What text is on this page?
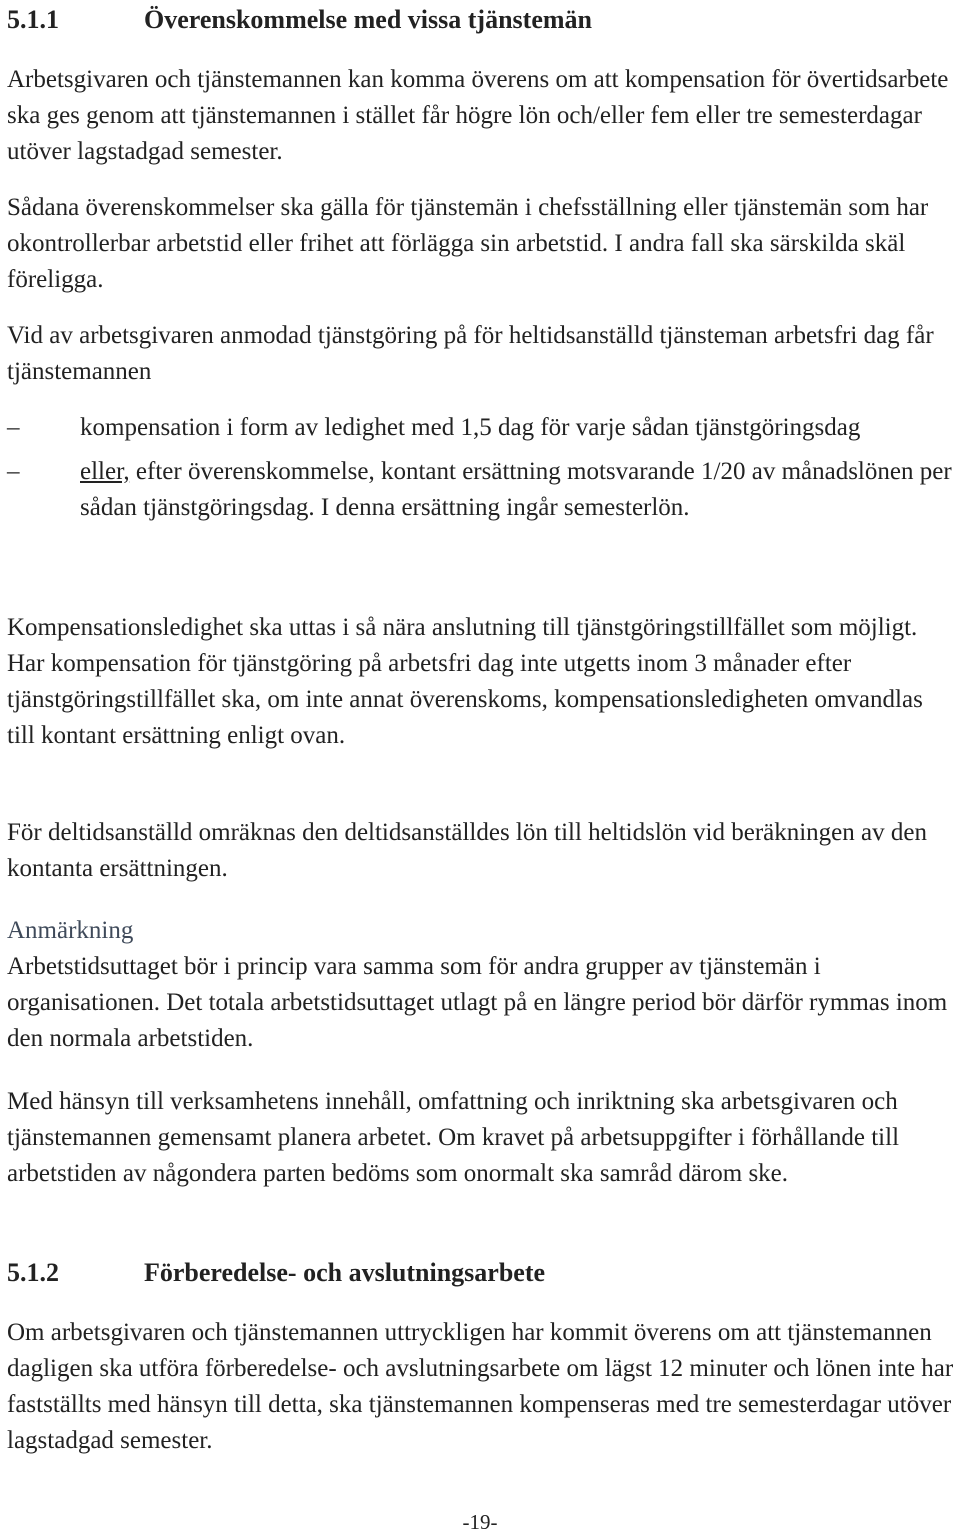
5.1.1	Överenskommelse med vissa tjänstemän

Arbetsgivaren och tjänstemannen kan komma överens om att kompensation för övertidsarbete ska ges genom att tjänstemannen i stället får högre lön och/eller fem eller tre semesterdagar utöver lagstadgad semester.

Sådana överenskommelser ska gälla för tjänstemän i chefsställning eller tjänstemän som har okontrollerbar arbetstid eller frihet att förlägga sin arbetstid. I andra fall ska särskilda skäl föreligga.

Vid av arbetsgivaren anmodad tjänstgöring på för heltidsanställd tjänsteman arbetsfri dag får tjänstemannen

–	kompensation i form av ledighet med 1,5 dag för varje sådan tjänstgöringsdag
–	eller, efter överenskommelse, kontant ersättning motsvarande 1/20 av månadslönen per sådan tjänstgöringsdag. I denna ersättning ingår semesterlön.

Kompensationsledighet ska uttas i så nära anslutning till tjänstgöringstillfället som möjligt. Har kompensation för tjänstgöring på arbetsfri dag inte utgetts inom 3 månader efter tjänstgöringstillfället ska, om inte annat överenskoms, kompensationsledigheten omvandlas till kontant ersättning enligt ovan.

För deltidsanställd omräknas den deltidsanställdes lön till heltidslön vid beräkningen av den kontanta ersättningen.

Anmärkning

Arbetstidsuttaget bör i princip vara samma som för andra grupper av tjänstemän i organisationen. Det totala arbetstidsuttaget utlagt på en längre period bör därför rymmas inom den normala arbetstiden.

Med hänsyn till verksamhetens innehåll, omfattning och inriktning ska arbetsgivaren och tjänstemannen gemensamt planera arbetet. Om kravet på arbetsuppgifter i förhållande till arbetstiden av någondera parten bedöms som onormalt ska samråd därom ske.

5.1.2	Förberedelse- och avslutningsarbete

Om arbetsgivaren och tjänstemannen uttryckligen har kommit överens om att tjänstemannen dagligen ska utföra förberedelse- och avslutningsarbete om lägst 12 minuter och lönen inte har fastställts med hänsyn till detta, ska tjänstemannen kompenseras med tre semesterdagar utöver lagstadgad semester.

-19-
